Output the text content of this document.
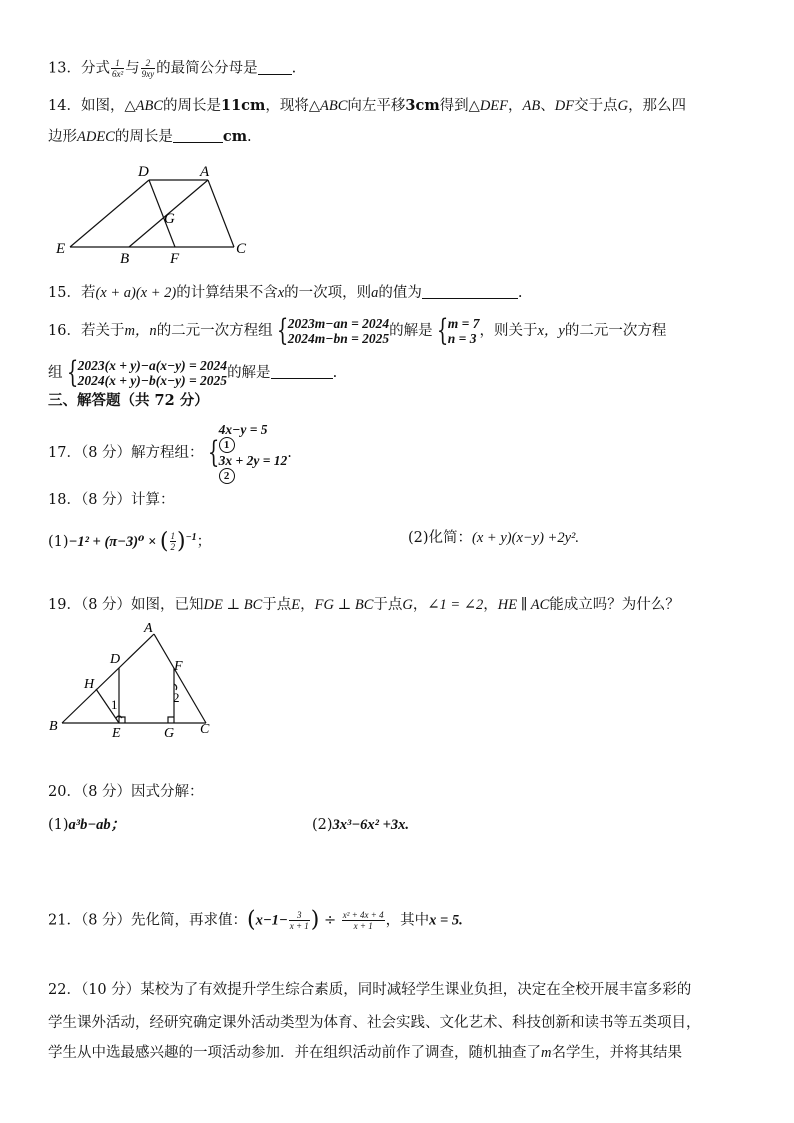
13．分式 $\frac{1}{\text{6x²}}$ 与 $\frac{2}{9xy}$ 的最简公分母是 .
14．如图，△ABC的周长是11cm，现将△ABC向左平移3cm得到△DEF，AB、DF交于点G，那么四
边形ADEC的周长是	cm.
D	A
G
E
B	F
C
15．若(x + a)(x + 2)的计算结果不含x的一次项，则a的值为	.
16．若关于m，n的二元一次方程组 { 2023m−an = 2024
2024m−bn = 2025 的解是 { m = 7
n = 3 ，则关于x，y的二元一次方程
组 { 2023(x + y)−a(x−y) = 2024
2024(x + y)−b(x−y) = 2025 的解是	.
三、解答题（共 72 分）
17．（8 分）解方程组： {
4x−y = 5
1
3x + 2y = 12
2
.
18．（8 分）计算：
(1)−1² + (π−3)⁰ × ( $\frac{1}{2} )^{-1}$；	(2)化简：(x + y)(x−y) +2y².
19．（8 分）如图，已知DE ⊥ BC于点E，FG ⊥ BC于点G，∠1 = ∠2，HE ∥ AC能成立吗？为什么？
A
D	F
H
1	2
B	E	G C
20．（8 分）因式分解：
(1)a³b−ab；	(2)3x³−6x² +3x.
21．（8 分）先化简，再求值：($x-1- \frac{3}{x + 1}$ ) ÷ $\frac{\text{x² + 4x + 4}}{x + 1}$ ，其中x = 5.
22．（10 分）某校为了有效提升学生综合素质，同时减轻学生课业负担，决定在全校开展丰富多彩的
学生课外活动，经研究确定课外活动类型为体育、社会实践、文化艺术、科技创新和读书等五类项目，
学生从中选最感兴趣的一项活动参加．并在组织活动前作了调查，随机抽查了m名学生，并将其结果
